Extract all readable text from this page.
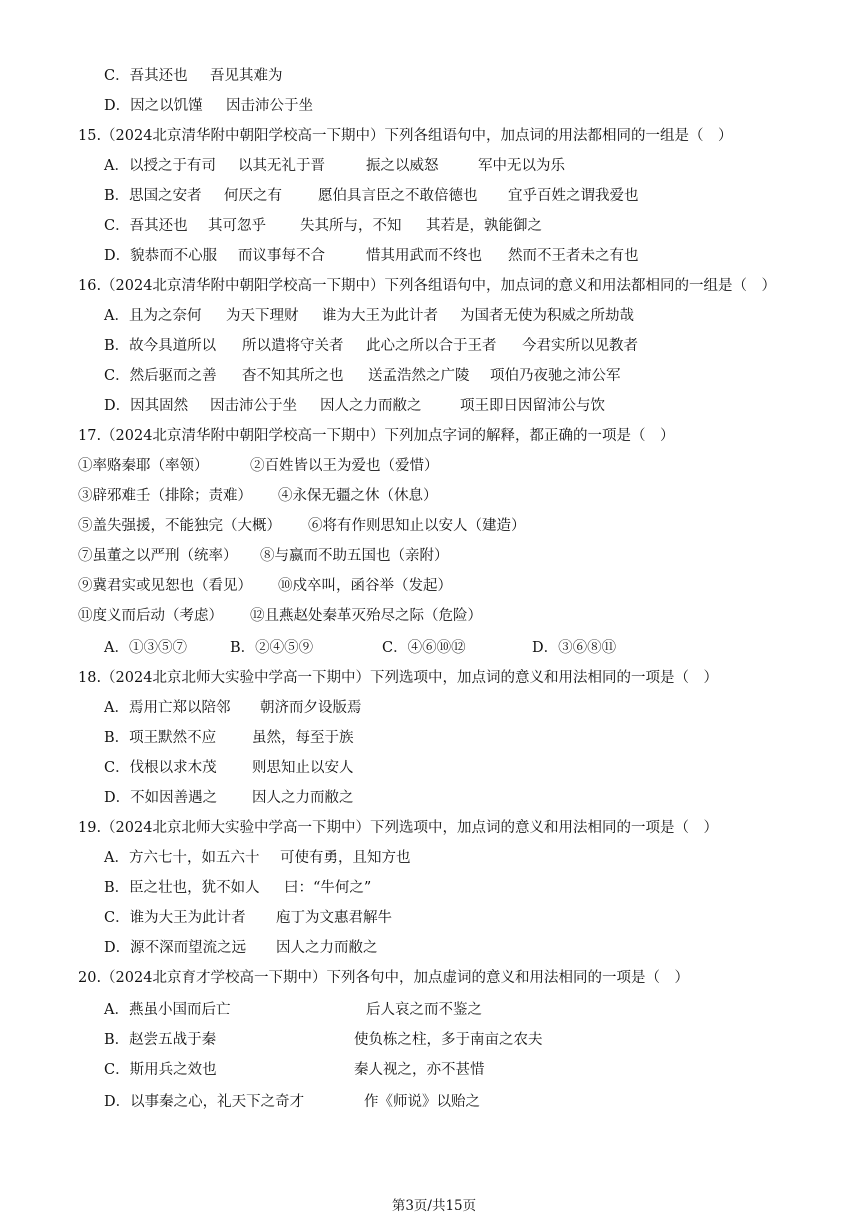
C．吾其还也 吾见其难为
D．因之以饥馑 因击沛公于坐
15.（2024北京清华附中朝阳学校高一下期中）下列各组语句中，加点词的用法都相同的一组是（　）
A．以授之于有司 以其无礼于晋	振之以威怒	军中无以为乐
B．思国之安者 何厌之有 愿伯具言臣之不敢倍德也 宜乎百姓之谓我爱也
C．吾其还也 其可忽乎 失其所与，不知 其若是，孰能御之
D．貌恭而不心服 而议事每不合	惜其用武而不终也 然而不王者未之有也
16.（2024北京清华附中朝阳学校高一下期中）下列各组语句中，加点词的意义和用法都相同的一组是（　）
A．且为之奈何 为天下理财 谁为大王为此计者 为国者无使为积威之所劫哉
B．故今具道所以 所以遣将守关者 此心之所以合于王者 今君实所以见教者
C．然后驱而之善 杳不知其所之也 送孟浩然之广陵 项伯乃夜驰之沛公军
D．因其固然 因击沛公于坐 因人之力而敝之	项王即日因留沛公与饮
17.（2024北京清华附中朝阳学校高一下期中）下列加点字词的解释，都正确的一项是（　）
①率赂秦耶（率领）	②百姓皆以王为爱也（爱惜）
③辟邪难壬（排除；责难） ④永保无疆之休（休息）
⑤盖失强援，不能独完（大概） ⑥将有作则思知止以安人（建造）
⑦虽董之以严刑（统率） ⑧与嬴而不助五国也（亲附）
⑨冀君实或见恕也（看见） ⑩戍卒叫，函谷举（发起）
⑪度义而后动（考虑） ⑫且燕赵处秦革灭殆尽之际（危险）
A．①③⑤⑦	B．②④⑤⑨	C．④⑥⑩⑫	D．③⑥⑧⑪
18.（2024北京北师大实验中学高一下期中）下列选项中，加点词的意义和用法相同的一项是（　）
A．焉用亡郑以陪邻 朝济而夕设版焉
B．项王默然不应 虽然，每至于族
C．伐根以求木茂 则思知止以安人
D．不如因善遇之 因人之力而敝之
19.（2024北京北师大实验中学高一下期中）下列选项中，加点词的意义和用法相同的一项是（　）
A．方六七十，如五六十 可使有勇，且知方也
B．臣之壮也，犹不如人 曰：“牛何之”
C．谁为大王为此计者 庖丁为文惠君解牛
D．源不深而望流之远 因人之力而敝之
20.（2024北京育才学校高一下期中）下列各句中，加点虚词的意义和用法相同的一项是（　）
A．燕虽小国而后亡	后人哀之而不鉴之
B．赵尝五战于秦	使负栋之柱，多于南亩之农夫
C．斯用兵之效也	秦人视之，亦不甚惜
D．以事秦之心，礼天下之奇才	作《师说》以贻之
第3页/共15页
